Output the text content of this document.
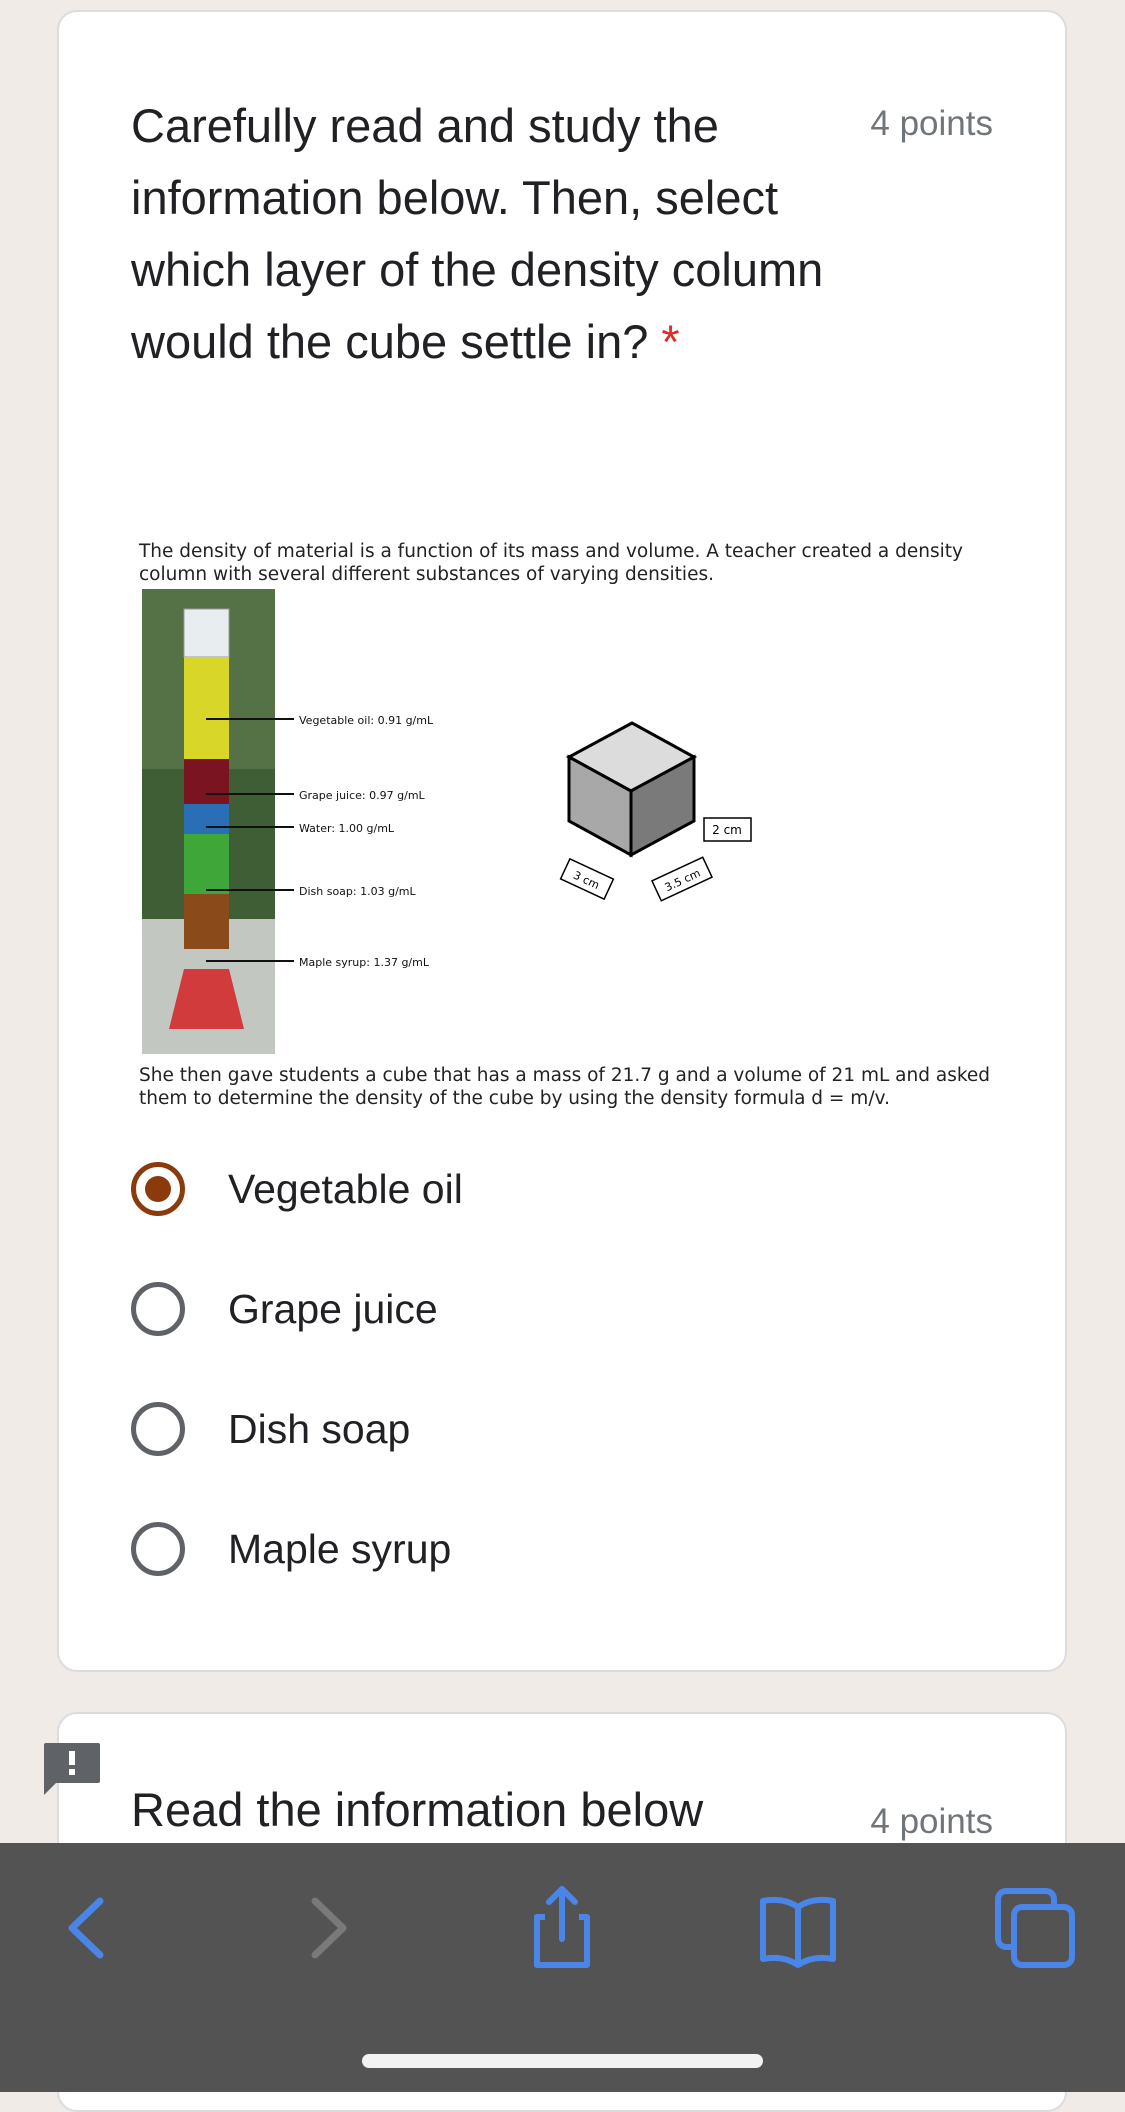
Carefully read and study the information below. Then, select which layer of the density column would the cube settle in? *
4 points
The density of material is a function of its mass and volume. A teacher created a density column with several different substances of varying densities.
Vegetable oil: 0.91 g/mL
Grape juice: 0.97 g/mL
Water: 1.00 g/mL
Dish soap: 1.03 g/mL
Maple syrup: 1.37 g/mL
2 cm
3 cm	3.5 cm
She then gave students a cube that has a mass of 21.7 g and a volume of 21 mL and asked them to determine the density of the cube by using the density formula d = m/v.
Vegetable oil
Grape juice
Dish soap
Maple syrup
Read the information below	4 points
